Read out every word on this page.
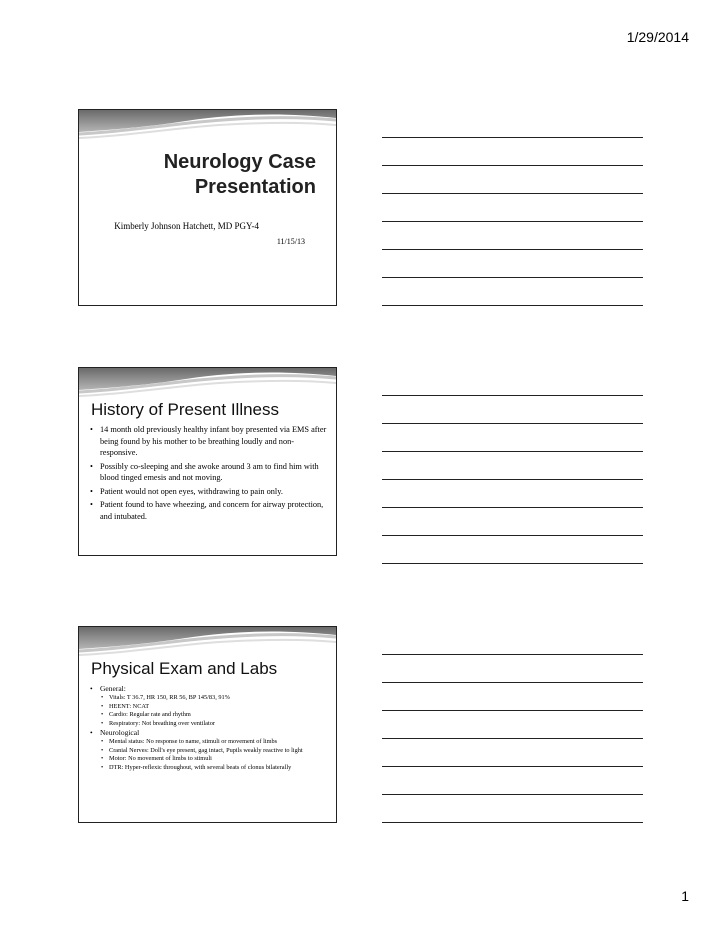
1/29/2014
Neurology Case
Presentation
Kimberly Johnson Hatchett, MD PGY-4
11/15/13
History of Present Illness
• 14 month old previously healthy infant boy presented via EMS after being found by his mother to be breathing loudly and non-responsive.
• Possibly co-sleeping and she awoke around 3 am to find him with blood tinged emesis and not moving.
• Patient would not open eyes, withdrawing to pain only.
• Patient found to have wheezing, and concern for airway protection, and intubated.
Physical Exam and Labs
• General:
• Vitals: T 36.7, HR 150, RR 56, BP 145/83, 91%
• HEENT: NCAT
• Cardio: Regular rate and rhythm
• Respiratory: Not breathing over ventilator
• Neurological
• Mental status: No response to name, stimuli or movement of limbs
• Cranial Nerves: Doll's eye present, gag intact, Pupils weakly reactive to light
• Motor: No movement of limbs to stimuli
• DTR: Hyper-reflexic throughout, with several beats of clonus bilaterally
1
